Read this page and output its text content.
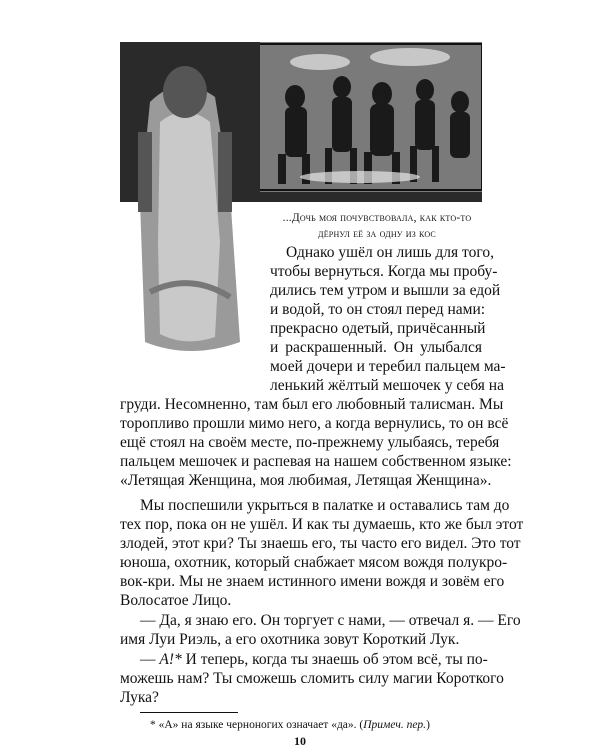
...Дочь моя почувствовала, как кто-то
дёрнул её за одну из кос
Однако ушёл он лишь для того,
чтобы вернуться. Когда мы пробу-
дились тем утром и вышли за едой
и водой, то он стоял перед нами:
прекрасно одетый, причёсанный
и раскрашенный. Он улыбался
моей дочери и теребил пальцем ма-
ленький жёлтый мешочек у себя на
груди. Несомненно, там был его любовный талисман. Мы
торопливо прошли мимо него, а когда вернулись, то он всё
ещё стоял на своём месте, по-прежнему улыбаясь, теребя
пальцем мешочек и распевая на нашем собственном языке:
«Летящая Женщина, моя любимая, Летящая Женщина».
Мы поспешили укрыться в палатке и оставались там до
тех пор, пока он не ушёл. И как ты думаешь, кто же был этот
злодей, этот кри? Ты знаешь его, ты часто его видел. Это тот
юноша, охотник, который снабжает мясом вождя полукро-
вок-кри. Мы не знаем истинного имени вождя и зовём его
Волосатое Лицо.
— Да, я знаю его. Он торгует с нами, — отвечал я. — Его
имя Луи Риэль, а его охотника зовут Короткий Лук.
— А!* И теперь, когда ты знаешь об этом всё, ты по-
можешь нам? Ты сможешь сломить силу магии Короткого
Лука?
* «А» на языке черноногих означает «да». (Примеч. пер.)
10
